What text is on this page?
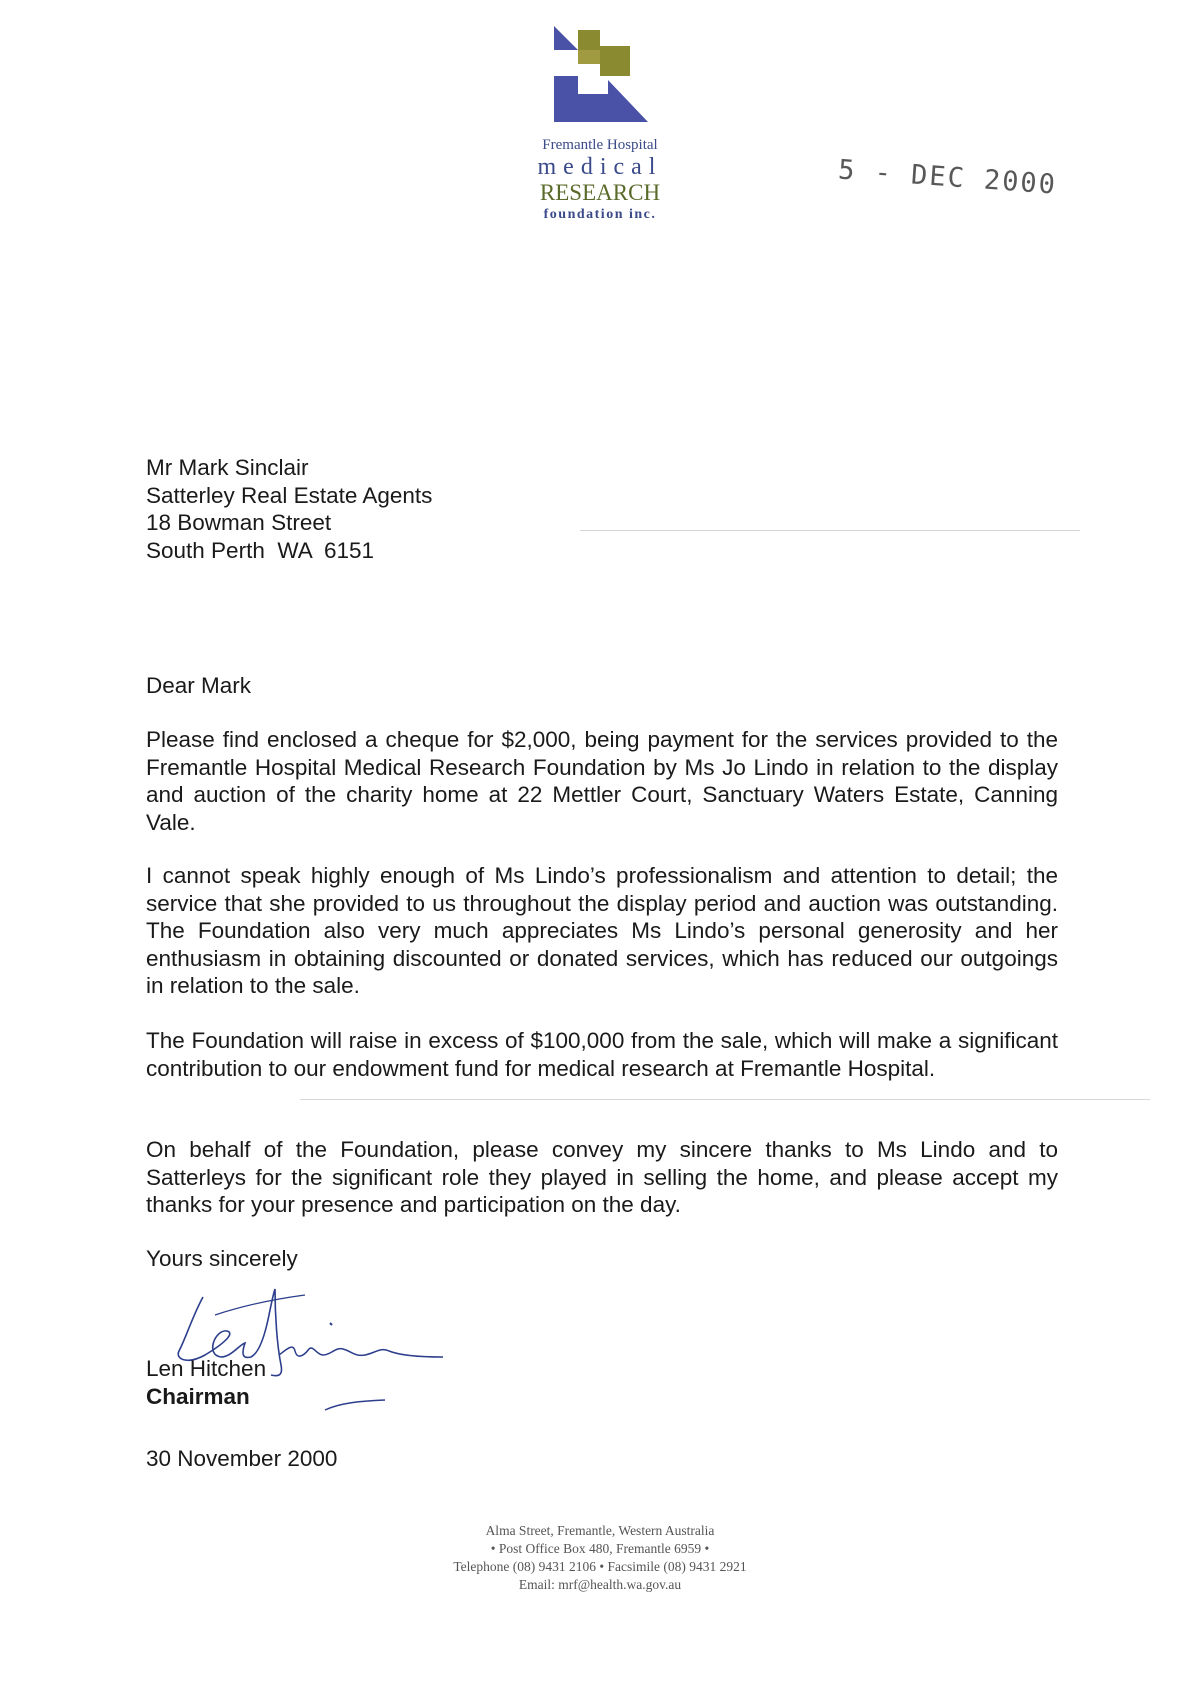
Fremantle Hospital
medical
RESEARCH
foundation inc.
5 - DEC 2000
Mr Mark Sinclair
Satterley Real Estate Agents
18 Bowman Street
South Perth  WA  6151
Dear Mark
Please find enclosed a cheque for $2,000, being payment for the services provided to the Fremantle Hospital Medical Research Foundation by Ms Jo Lindo in relation to the display and auction of the charity home at 22 Mettler Court, Sanctuary Waters Estate, Canning Vale.
I cannot speak highly enough of Ms Lindo’s professionalism and attention to detail; the service that she provided to us throughout the display period and auction was outstanding. The Foundation also very much appreciates Ms Lindo’s personal generosity and her enthusiasm in obtaining discounted or donated services, which has reduced our outgoings in relation to the sale.
The Foundation will raise in excess of $100,000 from the sale, which will make a significant contribution to our endowment fund for medical research at Fremantle Hospital.
On behalf of the Foundation, please convey my sincere thanks to Ms Lindo and to Satterleys for the significant role they played in selling the home, and please accept my thanks for your presence and participation on the day.
Yours sincerely
Len Hitchen
Chairman
30 November 2000
Alma Street, Fremantle, Western Australia
• Post Office Box 480, Fremantle 6959 •
Telephone (08) 9431 2106 • Facsimile (08) 9431 2921
Email: mrf@health.wa.gov.au
